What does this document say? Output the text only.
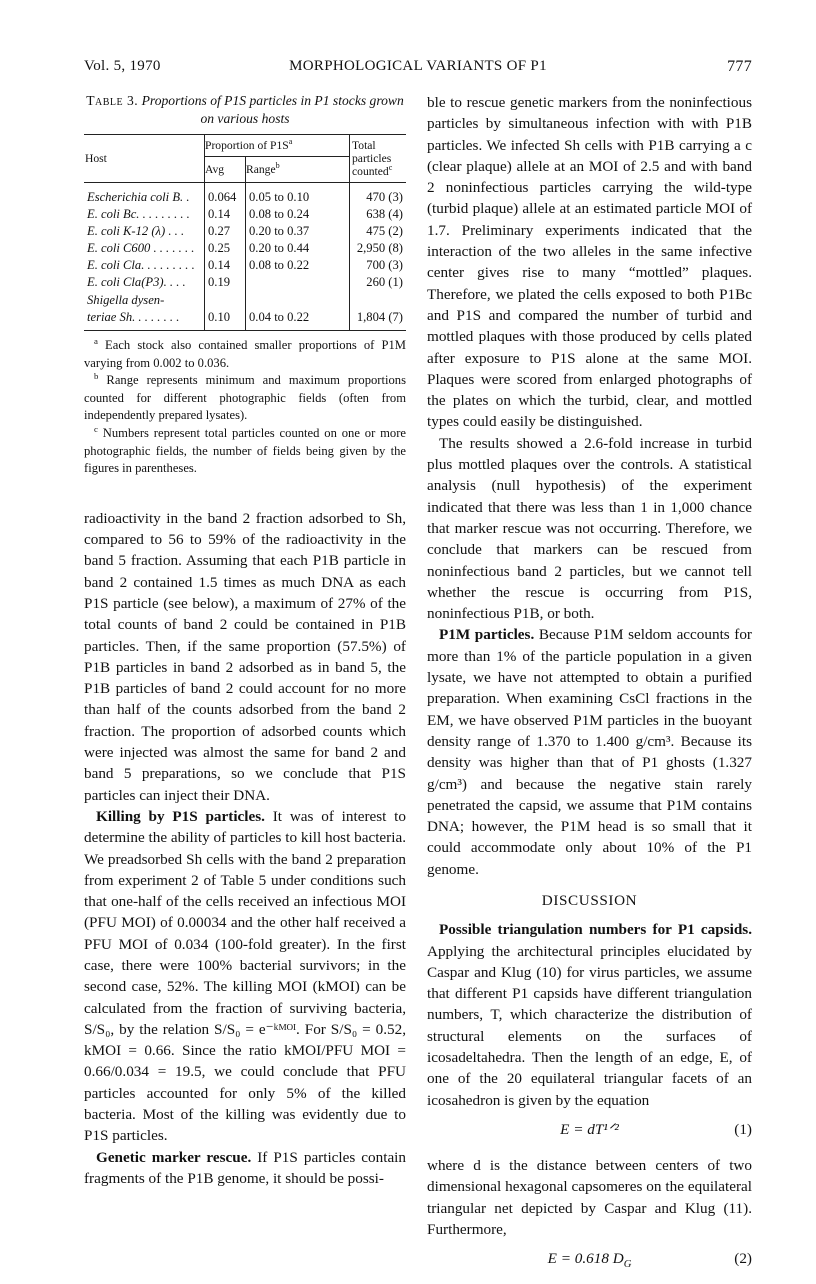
Vol. 5, 1970	MORPHOLOGICAL VARIANTS OF P1	777
Table 3. Proportions of P1S particles in P1 stocks grown on various hosts
Host	Proportion of $P1S^a$		Total particles counted$^c$
	Avg	Range$^b$
Escherichia coli B. .	0.064	0.05 to 0.10	470 (3)
E. coli Bc. . . . . . . . .	0.14	0.08 to 0.24	638 (4)
E. coli K-12 (λ) . . .	0.27	0.20 to 0.37	475 (2)
E. coli C600 . . . . . . .	0.25	0.20 to 0.44	2,950 (8)
E. coli Cla. . . . . . . . .	0.14	0.08 to 0.22	700 (3)
E. coli Cla(P3). . . .	0.19		260 (1)

Shigella dysen-
teriae Sh. . . . . . . .	0.10	0.04 to 0.22	1,804 (7)

$^a$ Each stock also contained smaller proportions of P1M varying from 0.002 to 0.036.

$^b$ Range represents minimum and maximum proportions counted for different photographic fields (often from independently prepared lysates).

$^c$ Numbers represent total particles counted on one or more photographic fields, the number of fields being given by the figures in parentheses.

radioactivity in the band 2 fraction adsorbed to Sh, compared to 56 to 59% of the radioactivity in the band 5 fraction. Assuming that each P1B particle in band 2 contained 1.5 times as much DNA as each P1S particle (see below), a maximum of 27% of the total counts of band 2 could be contained in P1B particles. Then, if the same proportion (57.5%) of P1B particles in band 2 adsorbed as in band 5, the P1B particles of band 2 could account for no more than half of the counts adsorbed from the band 2 fraction. The proportion of adsorbed counts which were injected was almost the same for band 2 and band 5 preparations, so we conclude that P1S particles can inject their DNA.

Killing by P1S particles. It was of interest to determine the ability of particles to kill host bacteria. We preadsorbed Sh cells with the band 2 preparation from experiment 2 of Table 5 under conditions such that one-half of the cells received an infectious MOI (PFU MOI) of 0.00034 and the other half received a PFU MOI of 0.034 (100-fold greater). In the first case, there were 100% bacterial survivors; in the second case, 52%. The killing MOI (kMOI) can be calculated from the fraction of surviving bacteria, S/S₀, by the relation S/S₀ = e⁻ᵏᴹᴼᴵ. For S/S₀ = 0.52, kMOI = 0.66. Since the ratio kMOI/PFU MOI = 0.66/0.034 = 19.5, we could conclude that PFU particles accounted for only 5% of the killed bacteria. Most of the killing was evidently due to P1S particles.

Genetic marker rescue. If P1S particles contain fragments of the P1B genome, it should be possi-

ble to rescue genetic markers from the noninfectious particles by simultaneous infection with with P1B particles. We infected Sh cells with P1B carrying a c (clear plaque) allele at an MOI of 2.5 and with band 2 noninfectious particles carrying the wild-type (turbid plaque) allele at an estimated particle MOI of 1.7. Preliminary experiments indicated that the interaction of the two alleles in the same infective center gives rise to many “mottled” plaques. Therefore, we plated the cells exposed to both P1Bc and P1S and compared the number of turbid and mottled plaques with those produced by cells plated after exposure to P1S alone at the same MOI. Plaques were scored from enlarged photographs of the plates on which the turbid, clear, and mottled types could easily be distinguished.

The results showed a 2.6-fold increase in turbid plus mottled plaques over the controls. A statistical analysis (null hypothesis) of the experiment indicated that there was less than 1 in 1,000 chance that marker rescue was not occurring. Therefore, we conclude that markers can be rescued from noninfectious band 2 particles, but we cannot tell whether the rescue is occurring from P1S, noninfectious P1B, or both.

P1M particles. Because P1M seldom accounts for more than 1% of the particle population in a given lysate, we have not attempted to obtain a purified preparation. When examining CsCl fractions in the EM, we have observed P1M particles in the buoyant density range of 1.370 to 1.400 g/cm³. Because its density was higher than that of P1 ghosts (1.327 g/cm³) and because the negative stain rarely penetrated the capsid, we assume that P1M contains DNA; however, the P1M head is so small that it could accommodate only about 10% of the P1 genome.

DISCUSSION

Possible triangulation numbers for P1 capsids. Applying the architectural principles elucidated by Caspar and Klug (10) for virus particles, we assume that different P1 capsids have different triangulation numbers, T, which characterize the distribution of structural elements on the surfaces of icosadeltahedra. Then the length of an edge, E, of one of the 20 equilateral triangular facets of an icosahedron is given by the equation

E = dT¹ᐟ²	(1)

where d is the distance between centers of two dimensional hexagonal capsomeres on the equilateral triangular net depicted by Caspar and Klug (11). Furthermore,

E = 0.618 $D_G$	(2)
